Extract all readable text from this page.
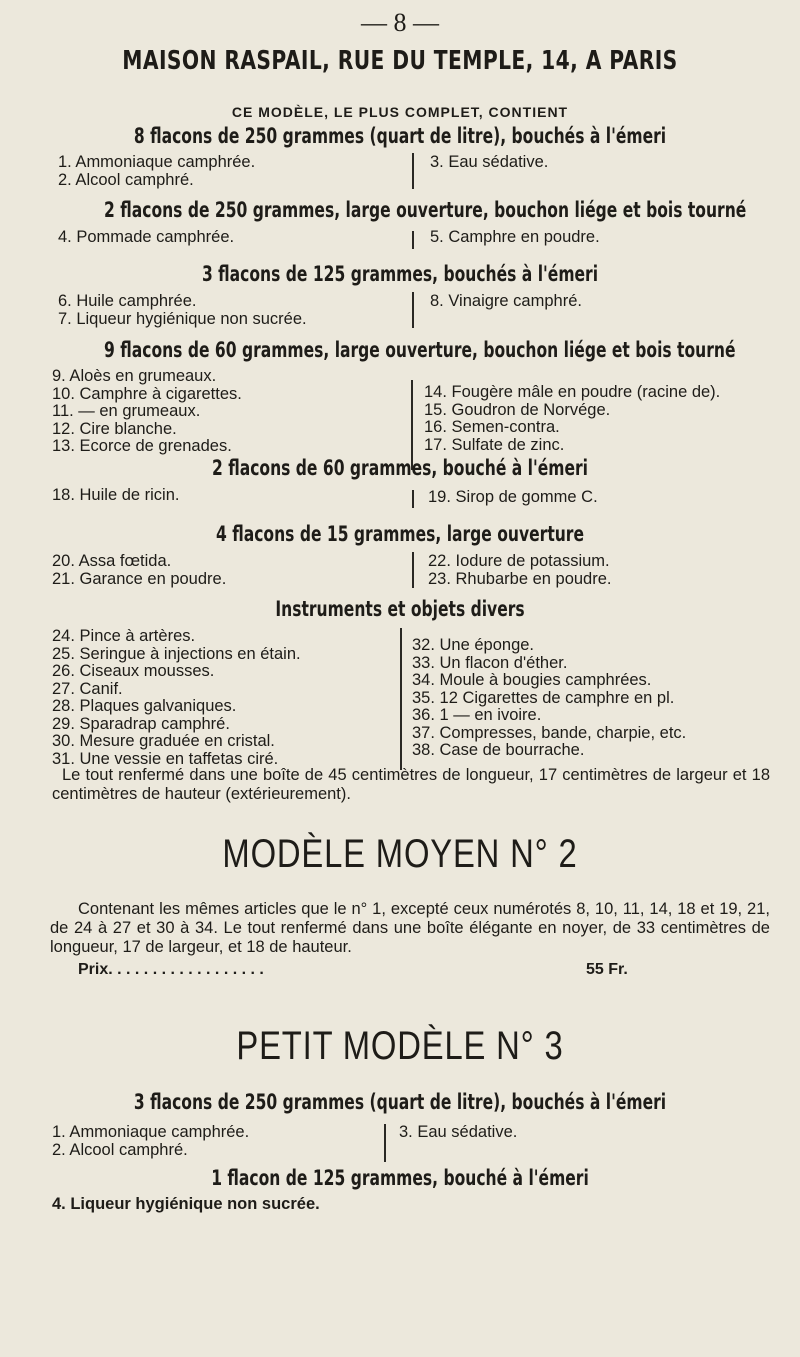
— 8 —
MAISON RASPAIL, RUE DU TEMPLE, 14, A PARIS
CE MODÈLE, LE PLUS COMPLET, CONTIENT
8 flacons de 250 grammes (quart de litre), bouchés à l'émeri
1. Ammoniaque camphrée.
2. Alcool camphré.
3. Eau sédative.
2 flacons de 250 grammes, large ouverture, bouchon liége et bois tourné
4. Pommade camphrée.	5. Camphre en poudre.
3 flacons de 125 grammes, bouchés à l'émeri
6. Huile camphrée.
7. Liqueur hygiénique non sucrée.
8. Vinaigre camphré.
9 flacons de 60 grammes, large ouverture, bouchon liége et bois tourné
9. Aloès en grumeaux.
10. Camphre à cigarettes.
11. — en grumeaux.
12. Cire blanche.
13. Ecorce de grenades.
14. Fougère mâle en poudre (racine de).
15. Goudron de Norvége.
16. Semen-contra.
17. Sulfate de zinc.
2 flacons de 60 grammes, bouché à l'émeri
18. Huile de ricin.	19. Sirop de gomme C.
4 flacons de 15 grammes, large ouverture
20. Assa fœtida.
21. Garance en poudre.
22. Iodure de potassium.
23. Rhubarbe en poudre.
Instruments et objets divers
24. Pince à artères.
25. Seringue à injections en étain.
26. Ciseaux mousses.
27. Canif.
28. Plaques galvaniques.
29. Sparadrap camphré.
30. Mesure graduée en cristal.
31. Une vessie en taffetas ciré.
32. Une éponge.
33. Un flacon d'éther.
34. Moule à bougies camphrées.
35. 12 Cigarettes de camphre en pl.
36. 1 — en ivoire.
37. Compresses, bande, charpie, etc.
38. Case de bourrache.
Le tout renfermé dans une boîte de 45 centimètres de longueur, 17 centimètres de largeur et 18 centimètres de hauteur (extérieurement).
MODÈLE MOYEN N° 2
Contenant les mêmes articles que le n° 1, excepté ceux numérotés 8, 10, 11, 14, 18 et 19, 21, de 24 à 27 et 30 à 34. Le tout renfermé dans une boîte élégante en noyer, de 33 centimètres de longueur, 17 de largeur, et 18 de hauteur.
Prix. . . . . . . . . . . . . . . . . .	55 Fr.
PETIT MODÈLE N° 3
3 flacons de 250 grammes (quart de litre), bouchés à l'émeri
1. Ammoniaque camphrée.
2. Alcool camphré.
3. Eau sédative.
1 flacon de 125 grammes, bouché à l'émeri
4. Liqueur hygiénique non sucrée.
